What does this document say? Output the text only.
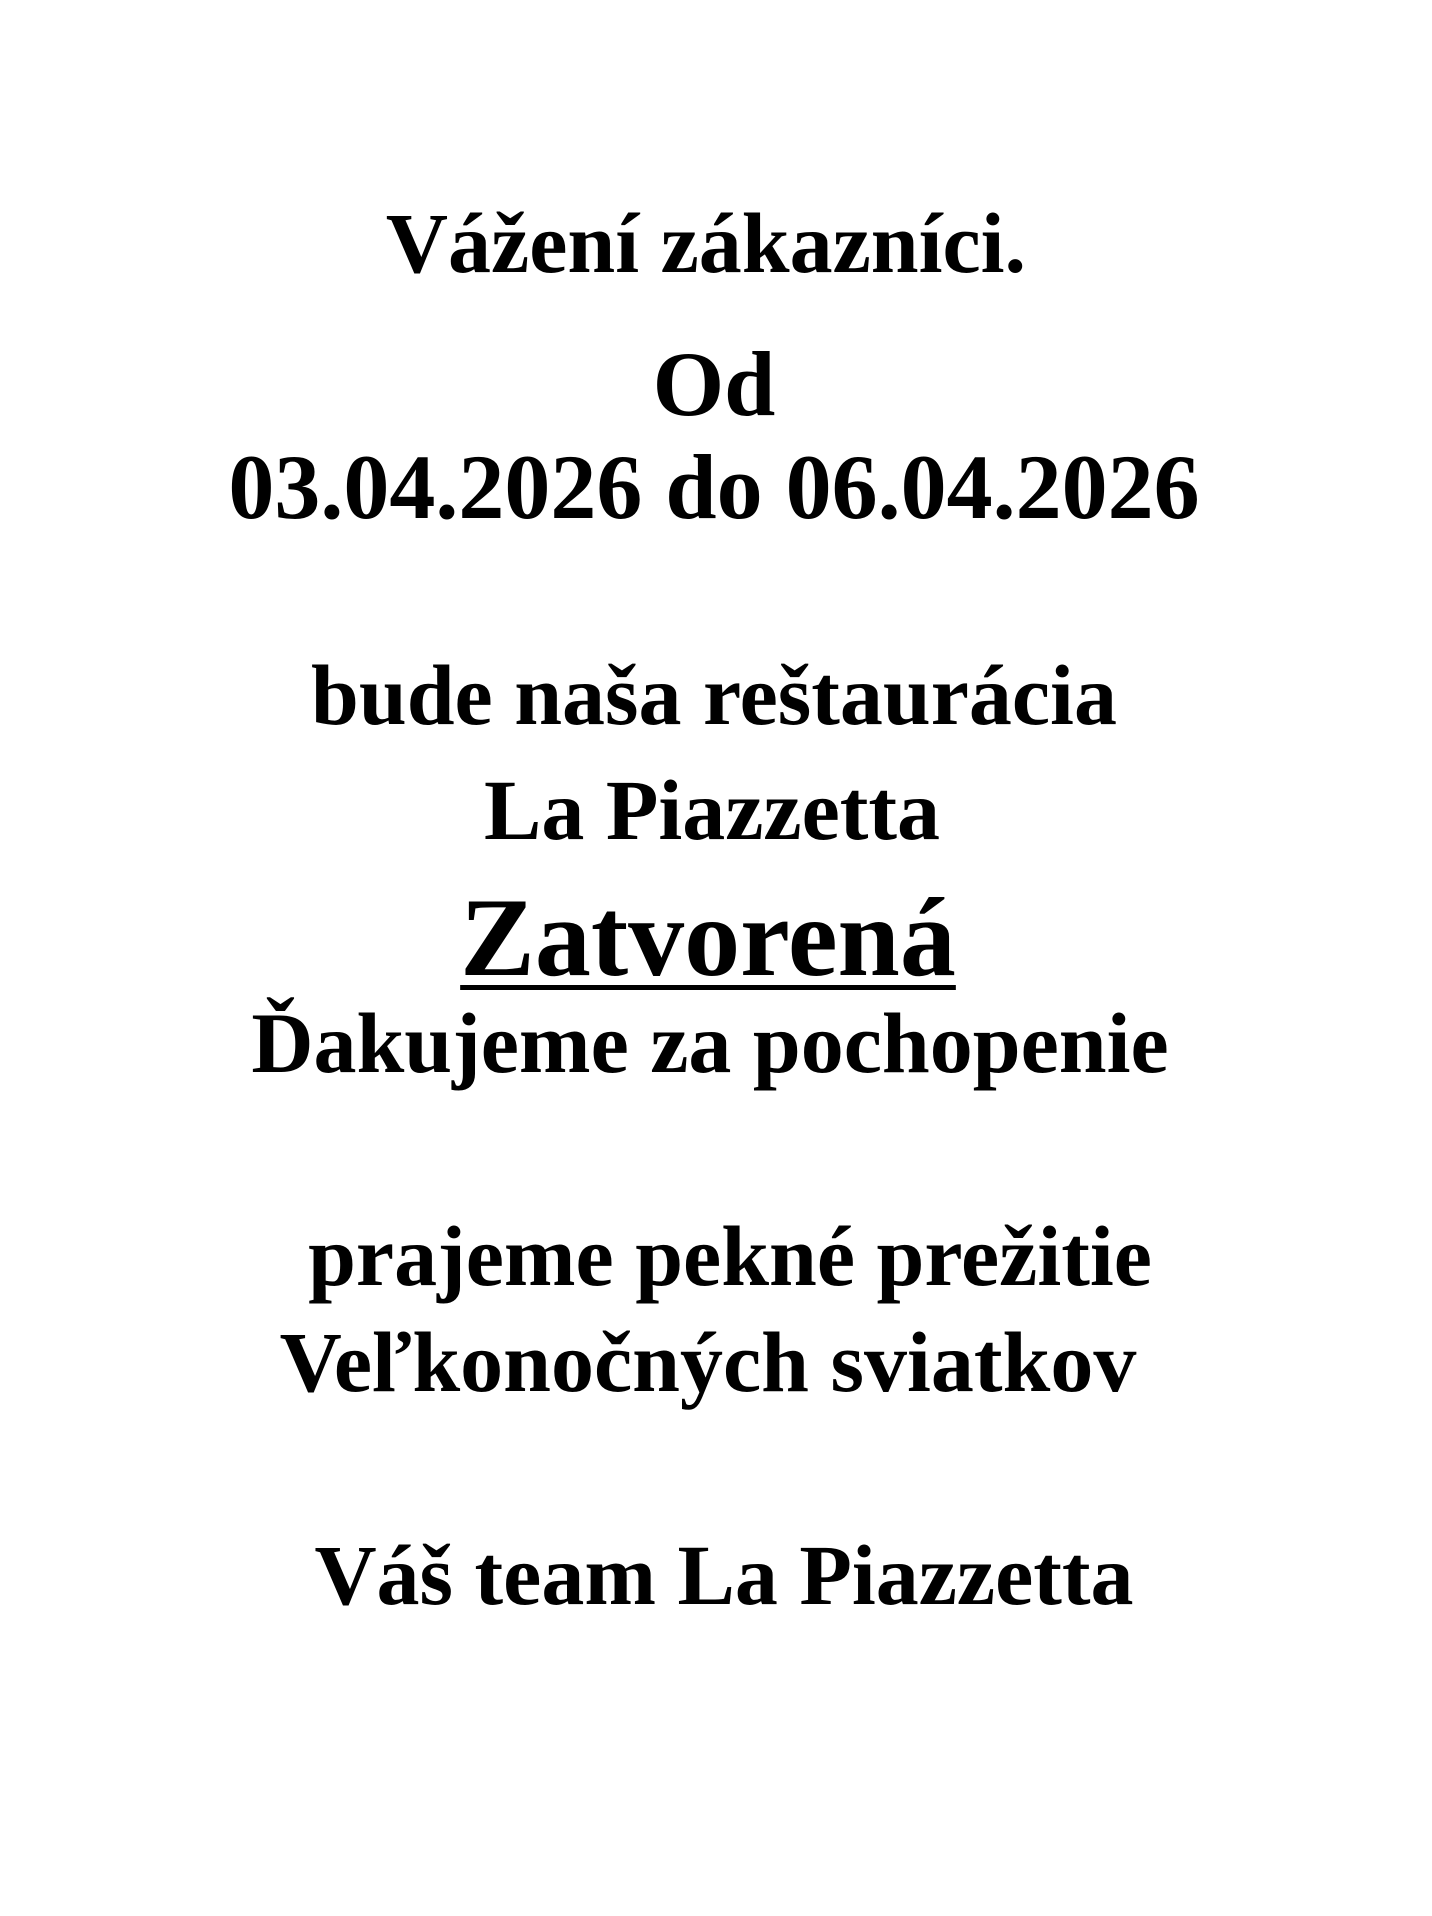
Vážení zákazníci.
Od
03.04.2026 do 06.04.2026
bude naša reštaurácia
La Piazzetta
Zatvorená
Ďakujeme za pochopenie
prajeme pekné prežitie
Veľkonočných sviatkov
Váš team La Piazzetta
